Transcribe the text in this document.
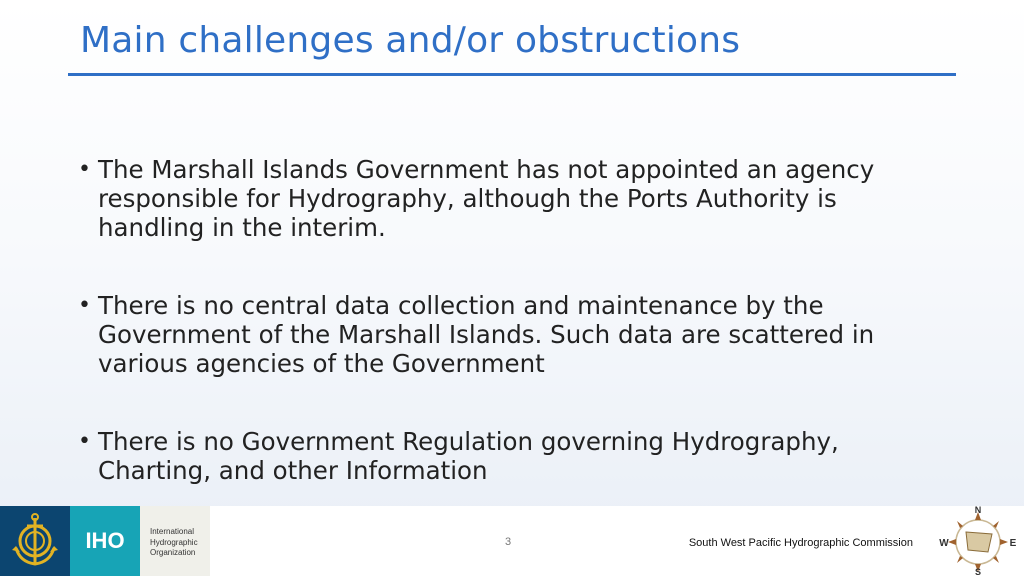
Main challenges and/or obstructions
• The Marshall Islands Government has not appointed an agency responsible for Hydrography, although the Ports Authority is handling in the interim.
• There is no central data collection and maintenance by the Government of the Marshall Islands. Such data are scattered in various agencies of the Government
• There is no Government Regulation governing Hydrography, Charting, and other Information
IHO	International
Hydrographic
Organization
3	South West Pacific Hydrographic Commission
N
W	E
S
